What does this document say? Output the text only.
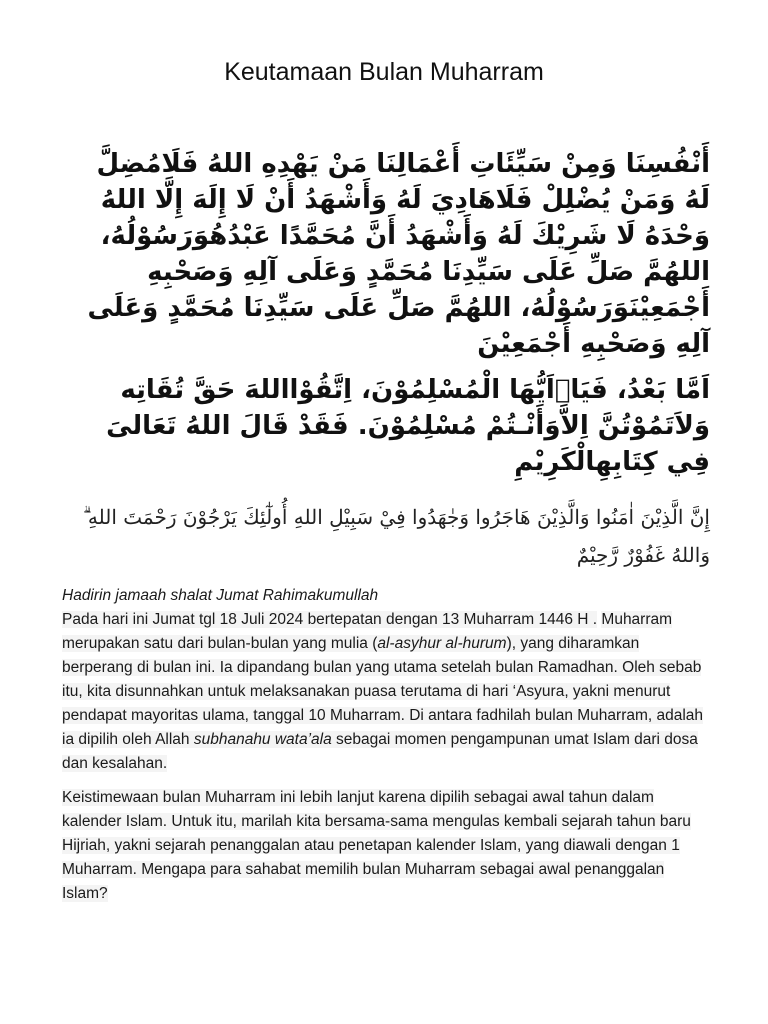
Keutamaan Bulan Muharram
أَنْفُسِنَا وَمِنْ سَيِّئَاتِ أَعْمَالِنَا مَنْ يَهْدِهِ اللهُ فَلَامُضِلَّ لَهُ وَمَنْ يُضْلِلْ فَلَاهَادِيَ لَهُ وَأَشْهَدُ أَنْ لَا إِلَهَ إِلَّا اللهُ وَحْدَهُ لَا شَرِيْكَ لَهُ وَأَشْهَدُ أَنَّ مُحَمَّدًا عَبْدُهُوَرَسُوْلُهُ، اللهُمَّ صَلِّ عَلَى سَيِّدِنَا مُحَمَّدٍ وَعَلَى آلِهِ وَصَحْبِهِ أَجْمَعِيْنَوَرَسُوْلُهُ، اللهُمَّ صَلِّ عَلَى سَيِّدِنَا مُحَمَّدٍ وَعَلَى آلِهِ وَصَحْبِهِ أَجْمَعِيْنَ
اَمَّا بَعْدُ، فَيَاۤاَيُّهَا الْمُسْلِمُوْنَ، اِتَّقُوْااللهَ حَقَّ تُقَاتِه وَلاَتَمُوْتُنَّ اِلاَّوَأَنْـتُمْ مُسْلِمُوْنَ. فَقَدْ قَالَ اللهُ تَعَالىَ فِي كِتَابِهِالْكَرِيْمِ
إِنَّ الَّذِيْنَ اٰمَنُوا وَالَّذِيْنَ هَاجَرُوا وَجٰهَدُوا فِيْ سَبِيْلِ اللهِ أُولٰٓئِكَ يَرْجُوْنَ رَحْمَتَ اللهِ ۗ وَاللهُ غَفُوْرٌ رَّحِيْمٌ
Hadirin jamaah shalat Jumat Rahimakumullah
Pada hari ini Jumat tgl 18 Juli 2024 bertepatan dengan 13 Muharram 1446 H . Muharram merupakan satu dari bulan-bulan yang mulia (al-asyhur al-hurum), yang diharamkan berperang di bulan ini. Ia dipandang bulan yang utama setelah bulan Ramadhan. Oleh sebab itu, kita disunnahkan untuk melaksanakan puasa terutama di hari ‘Asyura, yakni menurut pendapat mayoritas ulama, tanggal 10 Muharram. Di antara fadhilah bulan Muharram, adalah ia dipilih oleh Allah subhanahu wata’ala sebagai momen pengampunan umat Islam dari dosa dan kesalahan.
Keistimewaan bulan Muharram ini lebih lanjut karena dipilih sebagai awal tahun dalam kalender Islam. Untuk itu, marilah kita bersama-sama mengulas kembali sejarah tahun baru Hijriah, yakni sejarah penanggalan atau penetapan kalender Islam, yang diawali dengan 1 Muharram. Mengapa para sahabat memilih bulan Muharram sebagai awal penanggalan Islam?
